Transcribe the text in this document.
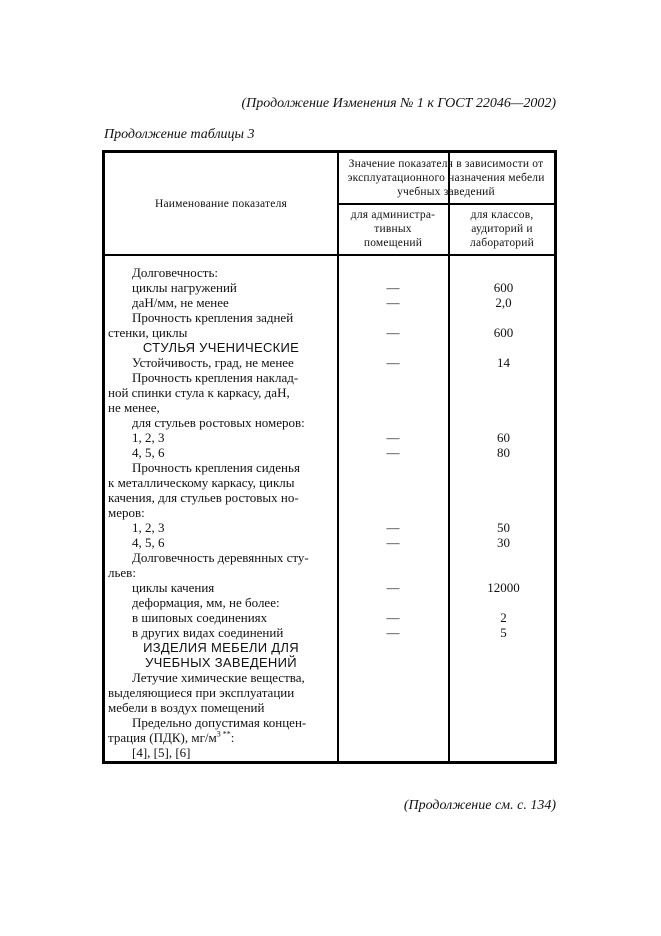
(Продолжение Изменения № 1 к ГОСТ 22046—2002)
Продолжение таблицы 3
Наименование показателя
Значение показателя в зависимости от эксплуатационного назначения мебели учебных заведений
для администра-тивных помещений
для классов, аудиторий и лабораторий
Долговечность:
циклы нагружений	—	600
даН/мм, не менее	—	2,0
Прочность крепления задней
стенки, циклы	—	600
СТУЛЬЯ УЧЕНИЧЕСКИЕ
Устойчивость, град, не менее	—	14
Прочность крепления наклад-
ной спинки стула к каркасу, даН,
не менее,
для стульев ростовых номеров:
1, 2, 3	—	60
4, 5, 6	—	80
Прочность крепления сиденья
к металлическому каркасу, циклы
качения, для стульев ростовых но-
меров:
1, 2, 3	—	50
4, 5, 6	—	30
Долговечность деревянных сту-
льев:
циклы качения	—	12000
деформация, мм, не более:
в шиповых соединениях	—	2
в других видах соединений	—	5
ИЗДЕЛИЯ МЕБЕЛИ ДЛЯ
УЧЕБНЫХ ЗАВЕДЕНИЙ
Летучие химические вещества,
выделяющиеся при эксплуатации
мебели в воздух помещений
Предельно допустимая концен-
трация (ПДК), $мг/м^{3 **}$:
[4], [5], [6]
(Продолжение см. с. 134)
